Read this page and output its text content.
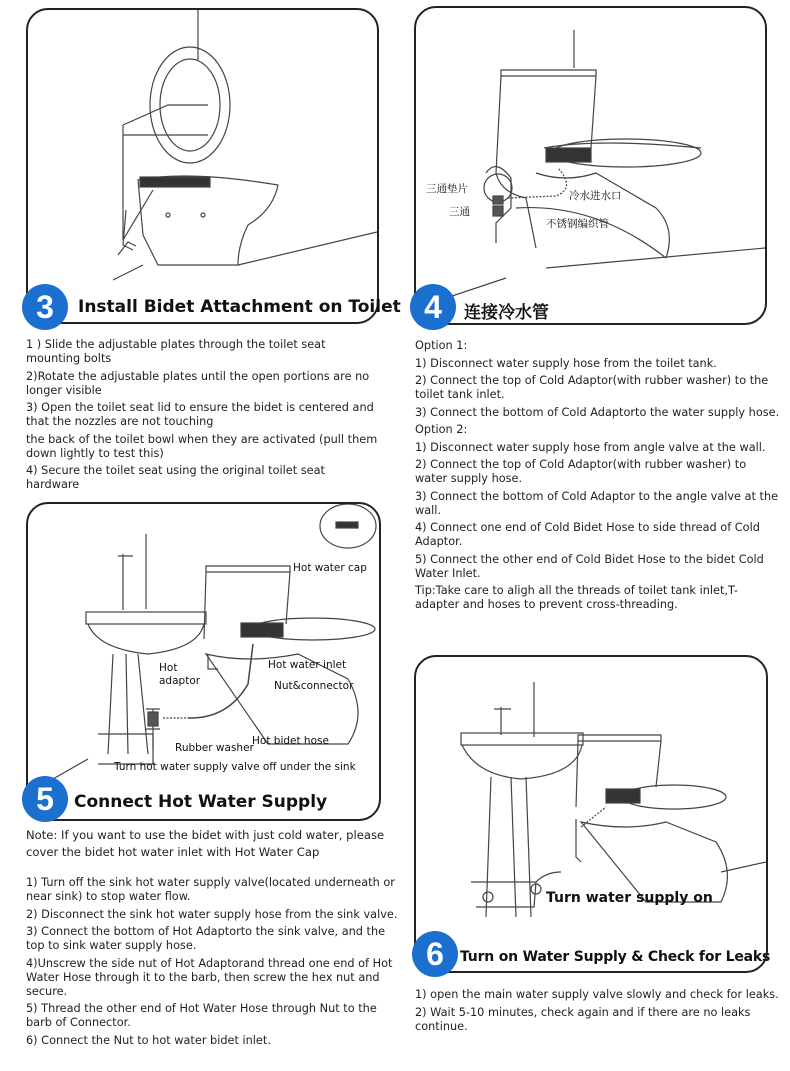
3	Install Bidet Attachment on Toilet

1 ) Slide the adjustable plates through the toilet seat mounting bolts

2)Rotate the adjustable plates until the open portions are no longer visible

3) Open the toilet seat lid to ensure the bidet is centered and that the nozzles are not touching

the back of the toilet bowl when they are activated (pull them down lightly to test this)

4) Secure the toilet seat using the original toilet seat hardware

三通垫片
三通
冷水进水口
不锈钢编织管
4	连接冷水管

Option 1:

1) Disconnect water supply hose from the toilet tank.

2) Connect the top of Cold Adaptor(with rubber washer) to the toilet tank inlet.

3) Connect the bottom of Cold Adaptorto the water supply hose.

Option 2:

1) Disconnect water supply hose from angle valve at the wall.

2) Connect the top of Cold Adaptor(with rubber washer) to water supply hose.

3) Connect the bottom of Cold Adaptor to the angle valve at the wall.

4) Connect one end of Cold Bidet Hose to side thread of Cold Adaptor.

5) Connect the other end of Cold Bidet Hose to the bidet Cold Water Inlet.

Tip:Take care to aligh all the threads of toilet tank inlet,T-adapter and hoses to prevent cross-threading.

Hot water cap
Hot
adaptor
Hot water inlet
Nut&connector
Rubber washer
Hot bidet hose
Turn hot water supply valve off under the sink
5	Connect Hot Water Supply
Note: If you want to use the bidet with just cold water, please cover the bidet hot water inlet with Hot Water Cap

1) Turn off the sink hot water supply valve(located underneath or near sink) to stop water flow.

2) Disconnect the sink hot water supply hose from the sink valve.

3) Connect the bottom of Hot Adaptorto the sink valve, and the top to sink water supply hose.

4)Unscrew the side nut of Hot Adaptorand thread one end of Hot Water Hose through it to the barb, then screw the hex nut and secure.

5) Thread the other end of Hot Water Hose through Nut to the barb of Connector.

6) Connect the Nut to hot water bidet inlet.

Turn water supply on
6	Turn on Water Supply & Check for Leaks

1) open the main water supply valve slowly and check for leaks.

2) Wait 5-10 minutes, check again and if there are no leaks continue.
